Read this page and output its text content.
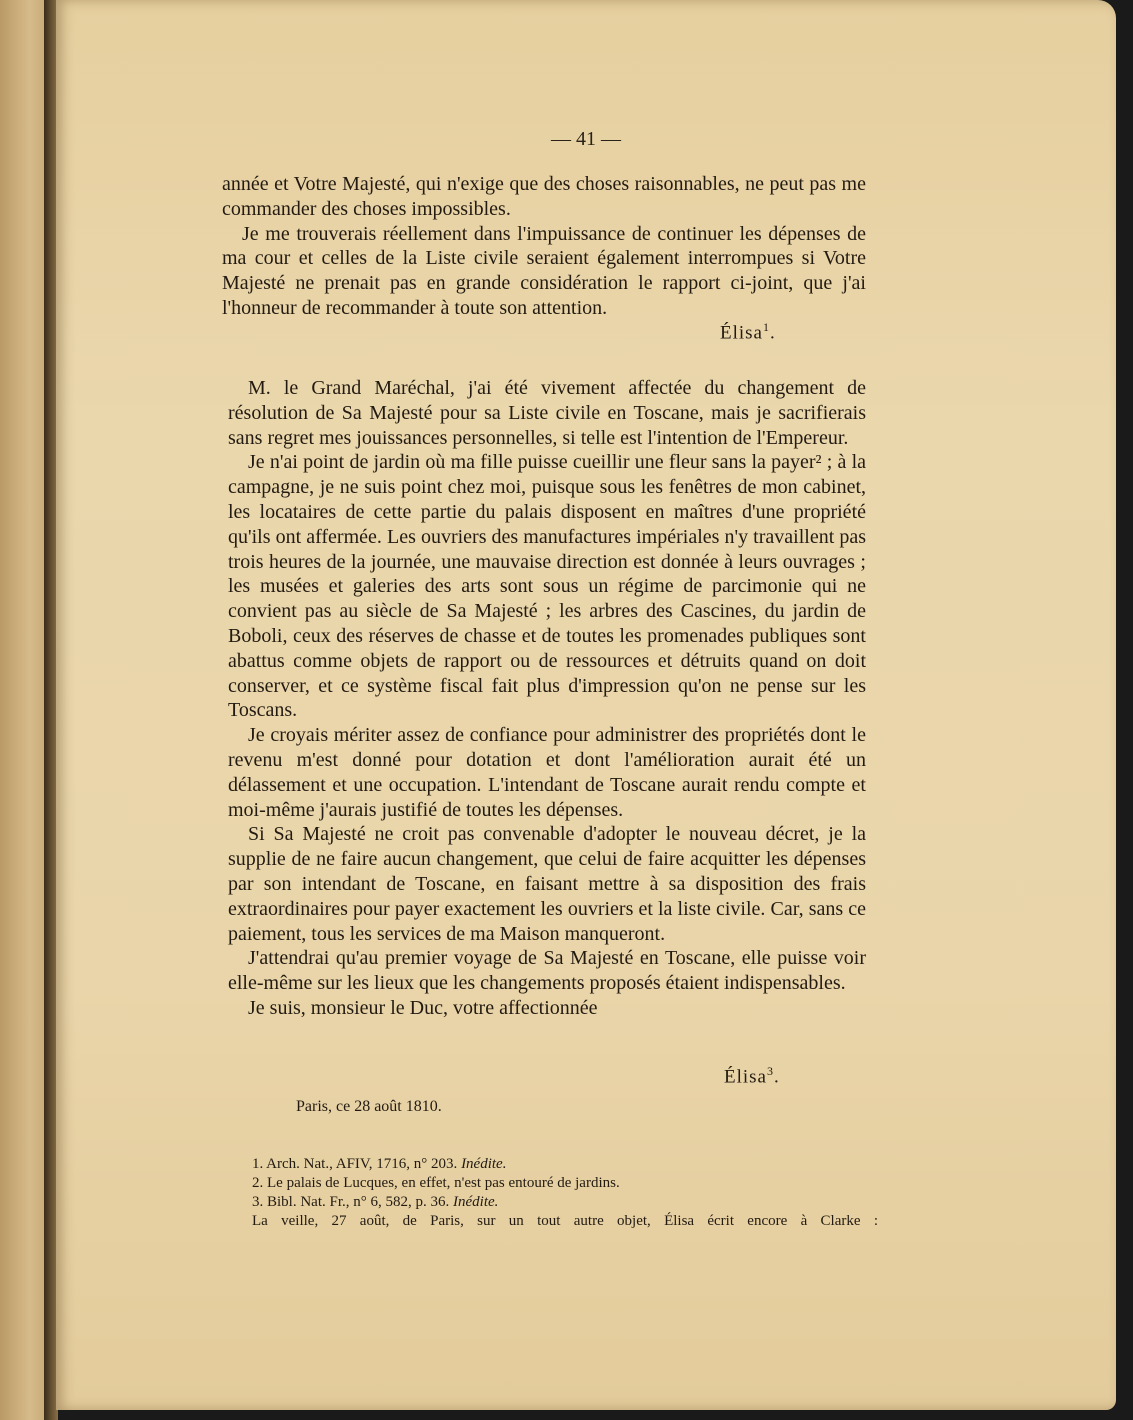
— 41 —

année et Votre Majesté, qui n'exige que des choses raisonnables, ne peut pas me commander des choses impossibles.

Je me trouverais réellement dans l'impuissance de continuer les dépenses de ma cour et celles de la Liste civile seraient également interrompues si Votre Majesté ne prenait pas en grande considération le rapport ci-joint, que j'ai l'honneur de recommander à toute son attention.

Élisa$^1$.

M. le Grand Maréchal, j'ai été vivement affectée du changement de résolution de Sa Majesté pour sa Liste civile en Toscane, mais je sacrifierais sans regret mes jouissances personnelles, si telle est l'intention de l'Empereur.

Je n'ai point de jardin où ma fille puisse cueillir une fleur sans la payer² ; à la campagne, je ne suis point chez moi, puisque sous les fenêtres de mon cabinet, les locataires de cette partie du palais disposent en maîtres d'une propriété qu'ils ont affermée. Les ouvriers des manufactures impériales n'y travaillent pas trois heures de la journée, une mauvaise direction est donnée à leurs ouvrages ; les musées et galeries des arts sont sous un régime de parcimonie qui ne convient pas au siècle de Sa Majesté ; les arbres des Cascines, du jardin de Boboli, ceux des réserves de chasse et de toutes les promenades publiques sont abattus comme objets de rapport ou de ressources et détruits quand on doit conserver, et ce système fiscal fait plus d'impression qu'on ne pense sur les Toscans.

Je croyais mériter assez de confiance pour administrer des propriétés dont le revenu m'est donné pour dotation et dont l'amélioration aurait été un délassement et une occupation. L'intendant de Toscane aurait rendu compte et moi-même j'aurais justifié de toutes les dépenses.

Si Sa Majesté ne croit pas convenable d'adopter le nouveau décret, je la supplie de ne faire aucun changement, que celui de faire acquitter les dépenses par son intendant de Toscane, en faisant mettre à sa disposition des frais extraordinaires pour payer exactement les ouvriers et la liste civile. Car, sans ce paiement, tous les services de ma Maison manqueront.

J'attendrai qu'au premier voyage de Sa Majesté en Toscane, elle puisse voir elle-même sur les lieux que les changements proposés étaient indispensables.

Je suis, monsieur le Duc, votre affectionnée

Élisa$^3$.
Paris, ce 28 août 1810.

1. Arch. Nat., AFIV, 1716, n° 203. Inédite.

2. Le palais de Lucques, en effet, n'est pas entouré de jardins.

3. Bibl. Nat. Fr., n° 6, 582, p. 36. Inédite.

La veille, 27 août, de Paris, sur un tout autre objet, Élisa écrit encore à Clarke :
